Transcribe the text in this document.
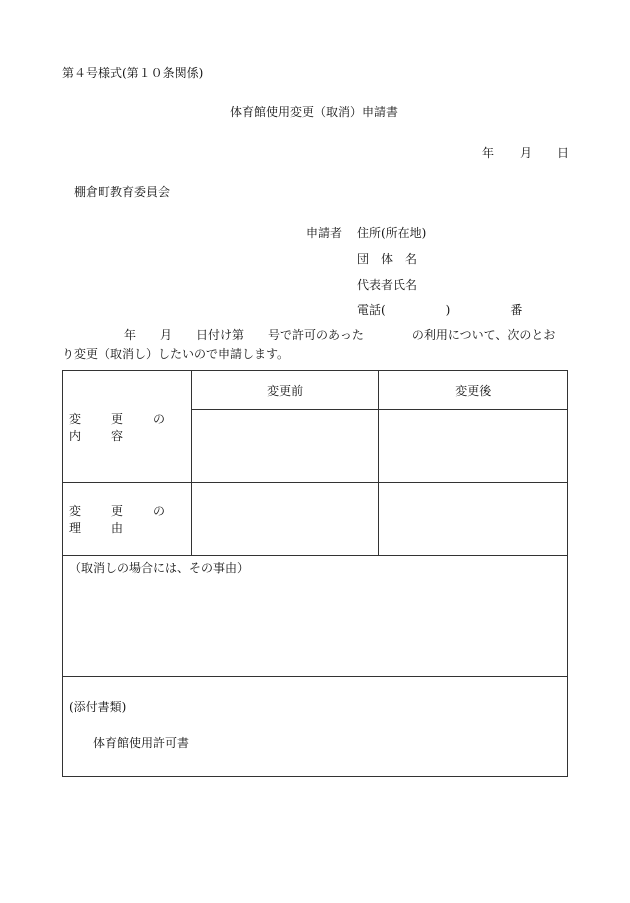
第４号様式(第１０条関係)
体育館使用変更（取消）申請書
年 月 日
棚倉町教育委員会
申請者 住所(所在地)
団　体　名
代表者氏名
電話(　　　　　)　　　　　番
年　　月　　日付け第　　号で許可のあった　　　　の利用について、次のとお
り変更（取消し）したいので申請します。
変　更　の　内　容	変更前	変更後

変　更　の　理　由		

（取消しの場合には、その事由）		

(添付書類)
体育館使用許可書		
